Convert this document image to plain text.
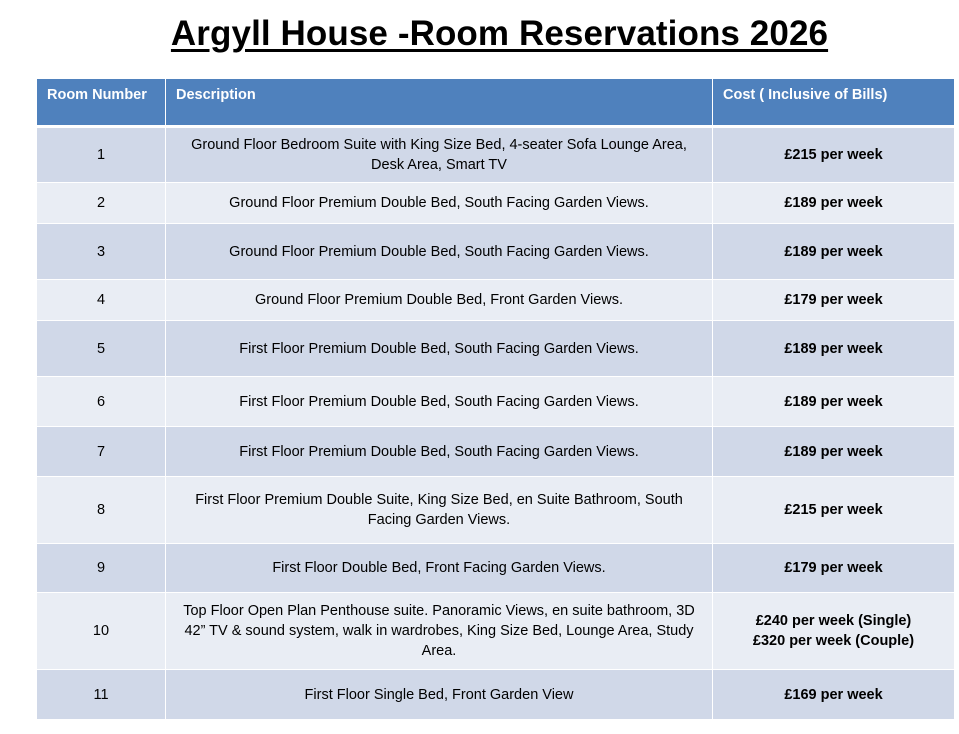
Argyll House -Room Reservations 2026
Room Number	Description	Cost ( Inclusive of Bills)
1	Ground Floor Bedroom Suite with King Size Bed, 4-seater Sofa Lounge Area, Desk Area, Smart TV	£215 per week

2	Ground Floor Premium Double Bed, South Facing Garden Views.	£189 per week

3	Ground Floor Premium Double Bed, South Facing Garden Views.	£189 per week

4	Ground Floor Premium Double Bed, Front Garden Views.	£179 per week

5	First Floor Premium Double Bed, South Facing Garden Views.	£189 per week

6	First Floor Premium Double Bed, South Facing Garden Views.	£189 per week

7	First Floor Premium Double Bed, South Facing Garden Views.	£189 per week

8	First Floor Premium Double Suite, King Size Bed, en Suite Bathroom, South Facing Garden Views.	£215 per week

9	First Floor Double Bed, Front Facing Garden Views.	£179 per week

10	Top Floor Open Plan Penthouse suite. Panoramic Views, en suite bathroom, 3D 42” TV & sound system, walk in wardrobes, King Size Bed, Lounge Area, Study Area.	£240 per week (Single)
£320 per week (Couple)

11	First Floor Single Bed, Front Garden View	£169 per week
